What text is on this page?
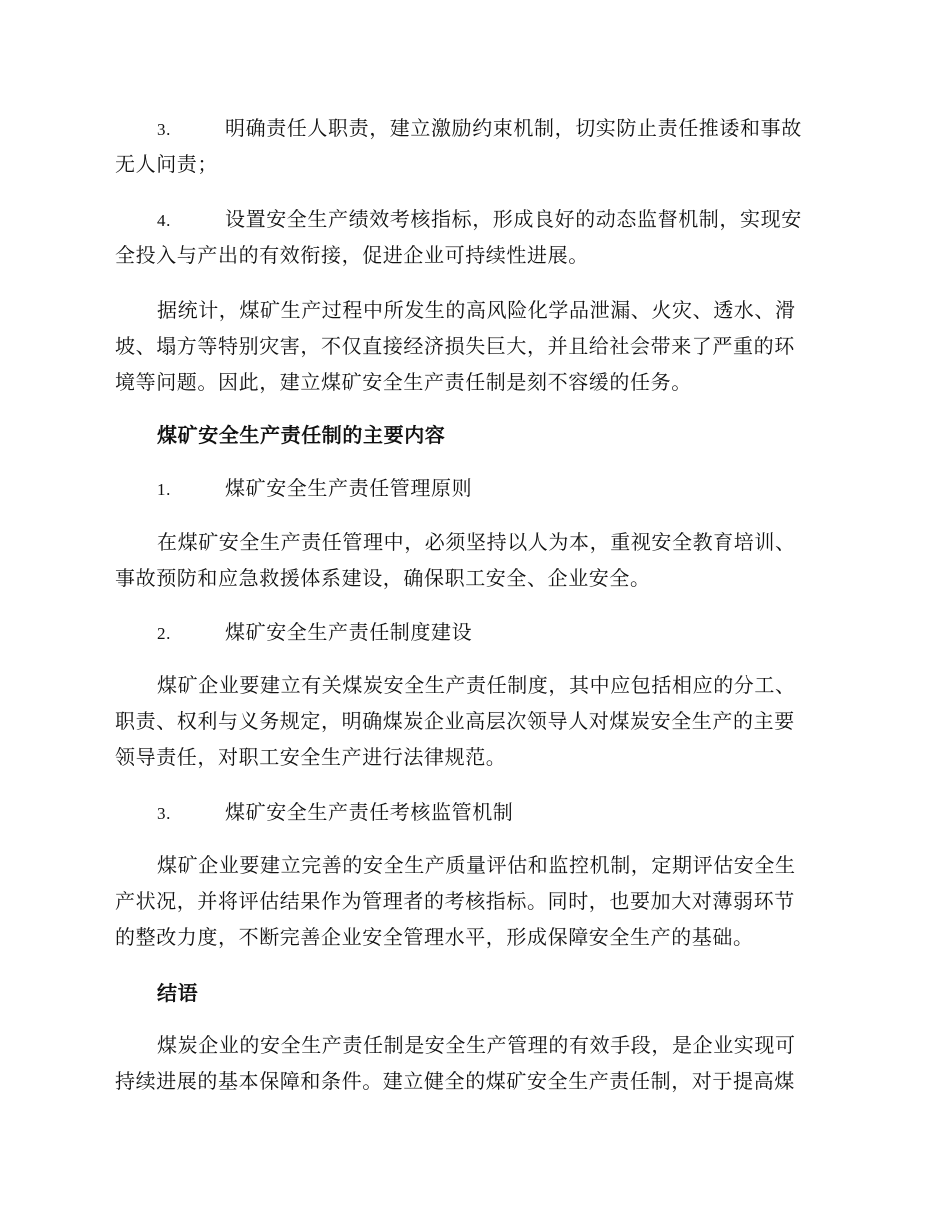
3.	明确责任人职责，建立激励约束机制，切实防止责任推诿和事故
无人问责；
4.	设置安全生产绩效考核指标，形成良好的动态监督机制，实现安
全投入与产出的有效衔接，促进企业可持续性进展。
据统计，煤矿生产过程中所发生的高风险化学品泄漏、火灾、透水、滑
坡、塌方等特别灾害，不仅直接经济损失巨大，并且给社会带来了严重的环
境等问题。因此，建立煤矿安全生产责任制是刻不容缓的任务。
煤矿安全生产责任制的主要内容
1.	煤矿安全生产责任管理原则
在煤矿安全生产责任管理中，必须坚持以人为本，重视安全教育培训、
事故预防和应急救援体系建设，确保职工安全、企业安全。
2.	煤矿安全生产责任制度建设
煤矿企业要建立有关煤炭安全生产责任制度，其中应包括相应的分工、
职责、权利与义务规定，明确煤炭企业高层次领导人对煤炭安全生产的主要
领导责任，对职工安全生产进行法律规范。
3.	煤矿安全生产责任考核监管机制
煤矿企业要建立完善的安全生产质量评估和监控机制，定期评估安全生
产状况，并将评估结果作为管理者的考核指标。同时，也要加大对薄弱环节
的整改力度，不断完善企业安全管理水平，形成保障安全生产的基础。
结语
煤炭企业的安全生产责任制是安全生产管理的有效手段，是企业实现可
持续进展的基本保障和条件。建立健全的煤矿安全生产责任制，对于提高煤
